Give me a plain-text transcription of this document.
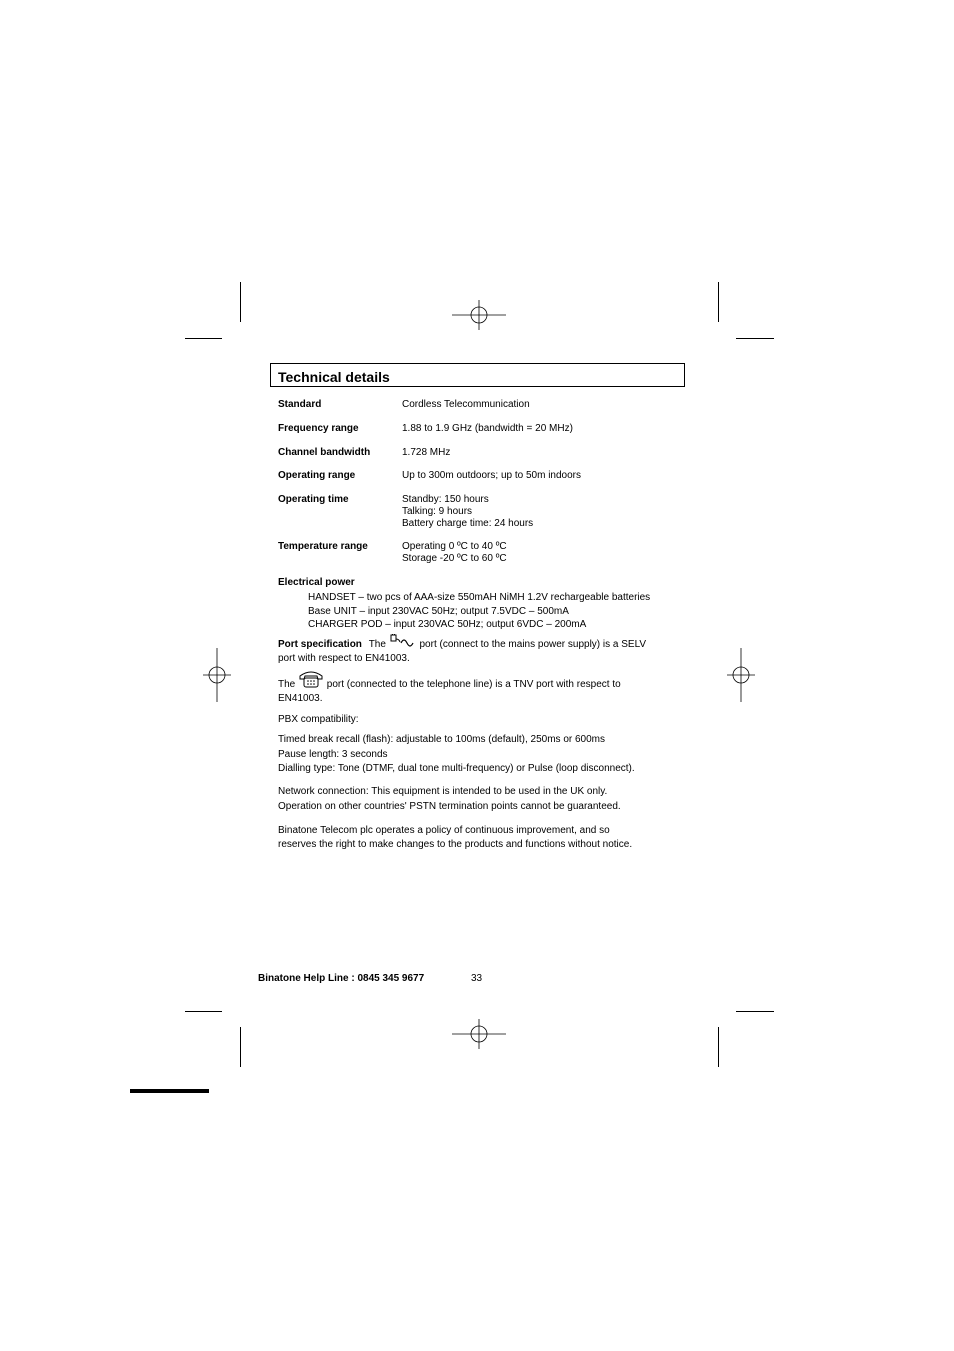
Technical details
Standard	Cordless Telecommunication
Frequency range	1.88 to 1.9 GHz (bandwidth = 20 MHz)
Channel bandwidth	1.728 MHz
Operating range	Up to 300m outdoors; up to 50m indoors
Operating time	Standby: 150 hours
Talking: 9 hours
Battery charge time: 24 hours
Temperature range	Operating 0 ºC to 40 ºC
Storage -20 ºC to 60 ºC
Electrical power
HANDSET – two pcs of AAA-size 550mAH NiMH 1.2V rechargeable batteries
Base UNIT – input 230VAC 50Hz; output 7.5VDC – 500mA
CHARGER POD – input 230VAC 50Hz; output 6VDC – 200mA
Port specification The	port (connect to the mains power supply) is a SELV
port with respect to EN41003.
The	port (connected to the telephone line) is a TNV port with respect to
EN41003.
PBX compatibility:
Timed break recall (flash): adjustable to 100ms (default), 250ms or 600ms
Pause length: 3 seconds
Dialling type: Tone (DTMF, dual tone multi-frequency) or Pulse (loop disconnect).
Network connection: This equipment is intended to be used in the UK only.
Operation on other countries' PSTN termination points cannot be guaranteed.
Binatone Telecom plc operates a policy of continuous improvement, and so
reserves the right to make changes to the products and functions without notice.
Binatone Help Line : 0845 345 9677	33
